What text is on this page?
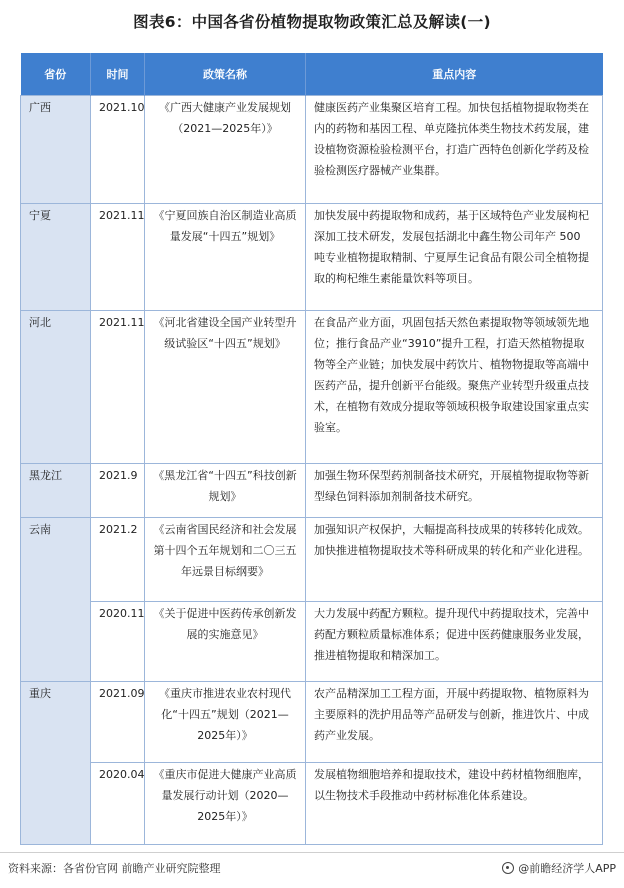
图表6：中国各省份植物提取物政策汇总及解读(一)
省份	时间	政策名称	重点内容
广西	2021.10	《广西大健康产业发展规划（2021—2025年）》	健康医药产业集聚区培育工程。加快包括植物提取物类在内的药物和基因工程、单克隆抗体类生物技术药发展，建设植物资源检验检测平台，打造广西特色创新化学药及检验检测医疗器械产业集群。
宁夏	2021.11	《宁夏回族自治区制造业高质量发展“十四五”规划》	加快发展中药提取物和成药，基于区域特色产业发展枸杞深加工技术研发，发展包括湖北中鑫生物公司年产 500 吨专业植物提取精制、宁夏厚生记食品有限公司全植物提取的枸杞维生素能量饮料等项目。
河北	2021.11	《河北省建设全国产业转型升级试验区“十四五”规划》	在食品产业方面，巩固包括天然色素提取物等领域领先地位；推行食品产业“3910”提升工程，打造天然植物提取物等全产业链；加快发展中药饮片、植物物提取等高端中医药产品，提升创新平台能级。聚焦产业转型升级重点技术，在植物有效成分提取等领域积极争取建设国家重点实验室。
黑龙江	2021.9	《黑龙江省“十四五”科技创新规划》	加强生物环保型药剂制备技术研究，开展植物提取物等新型绿色饲料添加剂制备技术研究。
云南	2021.2	《云南省国民经济和社会发展第十四个五年规划和二〇三五年远景目标纲要》	加强知识产权保护，大幅提高科技成果的转移转化成效。加快推进植物提取技术等科研成果的转化和产业化进程。
	2020.11	《关于促进中医药传承创新发展的实施意见》	大力发展中药配方颗粒。提升现代中药提取技术，完善中药配方颗粒质量标准体系；促进中医药健康服务业发展，推进植物提取和精深加工。
重庆	2021.09	《重庆市推进农业农村现代化“十四五”规划（2021—2025年）》	农产品精深加工工程方面，开展中药提取物、植物原料为主要原料的洗护用品等产品研发与创新，推进饮片、中成药产业发展。
	2020.04	《重庆市促进大健康产业高质量发展行动计划（2020—2025年）》	发展植物细胞培养和提取技术，建设中药材植物细胞库，以生物技术手段推动中药材标准化体系建设。
资料来源：各省份官网 前瞻产业研究院整理	@前瞻经济学人APP
